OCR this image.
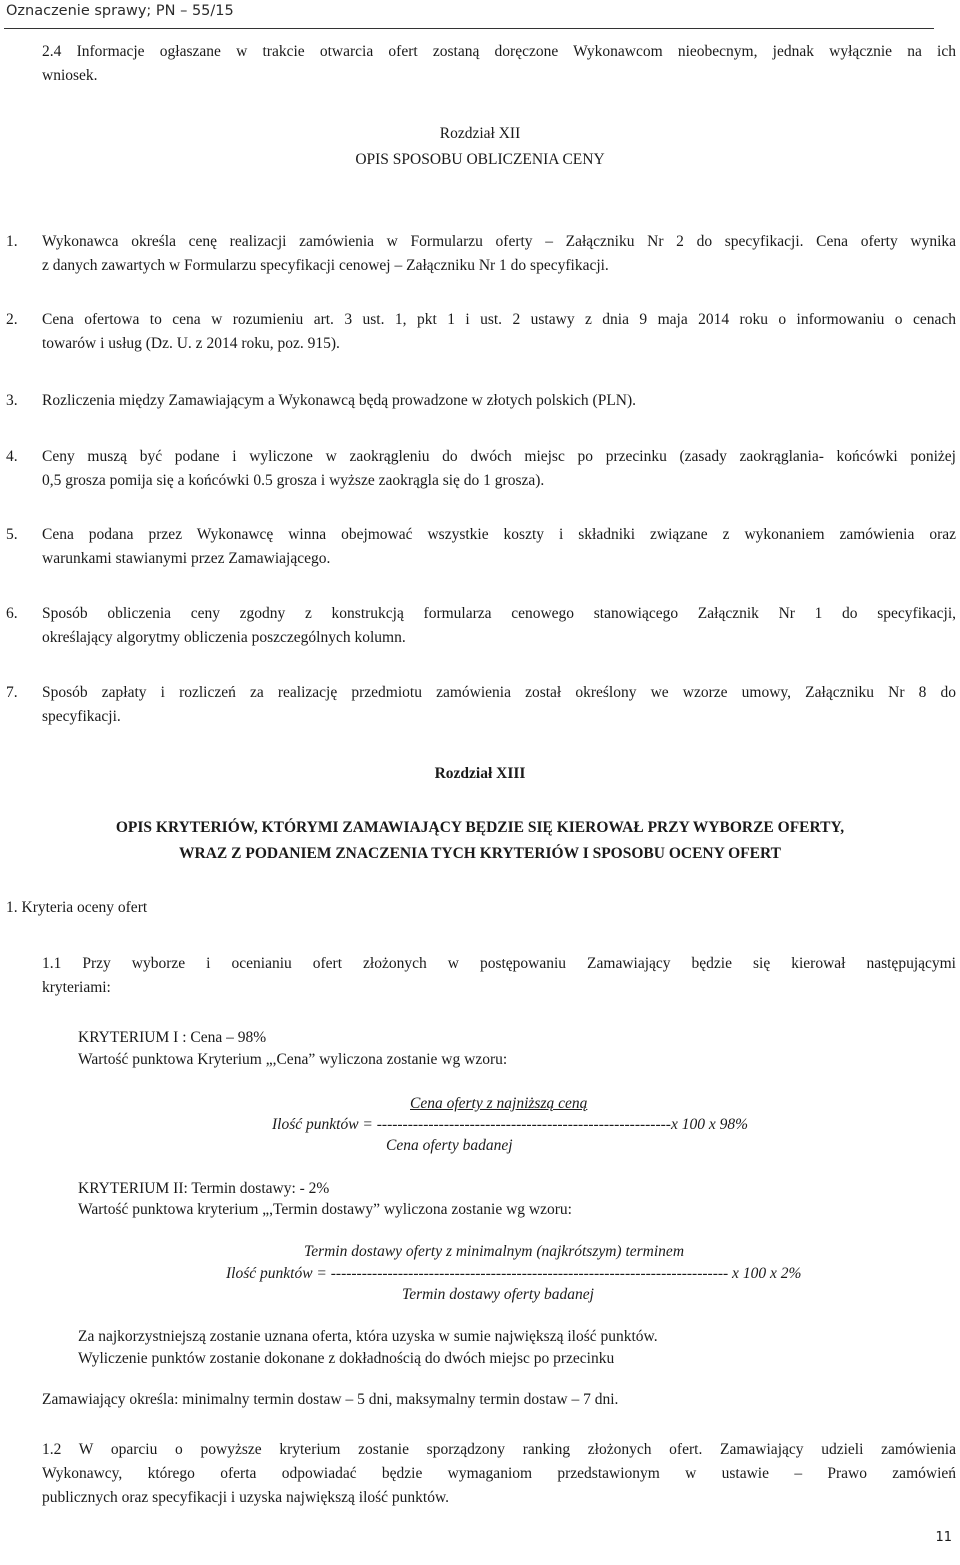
Oznaczenie sprawy; PN – 55/15
2.4 Informacje ogłaszane w trakcie otwarcia ofert zostaną doręczone Wykonawcom nieobecnym, jednak wyłącznie na ich
wniosek.
Rozdział XII
OPIS SPOSOBU OBLICZENIA CENY
1. Wykonawca określa cenę realizacji zamówienia w Formularzu oferty – Załączniku Nr 2 do specyfikacji. Cena oferty wynika
z danych zawartych w Formularzu specyfikacji cenowej – Załączniku Nr 1 do specyfikacji.
2. Cena ofertowa to cena w rozumieniu art. 3 ust. 1, pkt 1 i ust. 2 ustawy z dnia 9 maja 2014 roku o informowaniu o cenach
towarów i usług (Dz. U. z 2014 roku, poz. 915).
3. Rozliczenia między Zamawiającym a Wykonawcą będą prowadzone w złotych polskich (PLN).
4. Ceny muszą być podane i wyliczone w zaokrągleniu do dwóch miejsc po przecinku (zasady zaokrąglania- końcówki poniżej
0,5 grosza pomija się a końcówki 0.5 grosza i wyższe zaokrągla się do 1 grosza).
5. Cena podana przez Wykonawcę winna obejmować wszystkie koszty i składniki związane z wykonaniem zamówienia oraz
warunkami stawianymi przez Zamawiającego.
6. Sposób obliczenia ceny zgodny z konstrukcją formularza cenowego stanowiącego Załącznik Nr 1 do specyfikacji,
określający algorytmy obliczenia poszczególnych kolumn.
7. Sposób zapłaty i rozliczeń za realizację przedmiotu zamówienia został określony we wzorze umowy, Załączniku Nr 8 do
specyfikacji.
Rozdział XIII
OPIS KRYTERIÓW, KTÓRYMI ZAMAWIAJĄCY BĘDZIE SIĘ KIEROWAŁ PRZY WYBORZE OFERTY,
WRAZ Z PODANIEM ZNACZENIA TYCH KRYTERIÓW I SPOSOBU OCENY OFERT
1. Kryteria oceny ofert
1.1 Przy wyborze i ocenianiu ofert złożonych w postępowaniu Zamawiający będzie się kierował następującymi
kryteriami:
KRYTERIUM I : Cena – 98%
Wartość punktowa Kryterium „,Cena” wyliczona zostanie wg wzoru:
Cena oferty z najniższą ceną
Ilość punktów = ---------------------------------------------------------x 100 x 98%
Cena oferty badanej
KRYTERIUM II: Termin dostawy: - 2%
Wartość punktowa kryterium „,Termin dostawy” wyliczona zostanie wg wzoru:
Termin dostawy oferty z minimalnym (najkrótszym) terminem
Ilość punktów = ----------------------------------------------------------------------------- x 100 x 2%
Termin dostawy oferty badanej
Za najkorzystniejszą zostanie uznana oferta, która uzyska w sumie największą ilość punktów.
Wyliczenie punktów zostanie dokonane z dokładnością do dwóch miejsc po przecinku
Zamawiający określa: minimalny termin dostaw – 5 dni, maksymalny termin dostaw – 7 dni.
1.2 W oparciu o powyższe kryterium zostanie sporządzony ranking złożonych ofert. Zamawiający udzieli zamówienia
Wykonawcy, którego oferta odpowiadać będzie wymaganiom przedstawionym w ustawie – Prawo zamówień
publicznych oraz specyfikacji i uzyska największą ilość punktów.
11
